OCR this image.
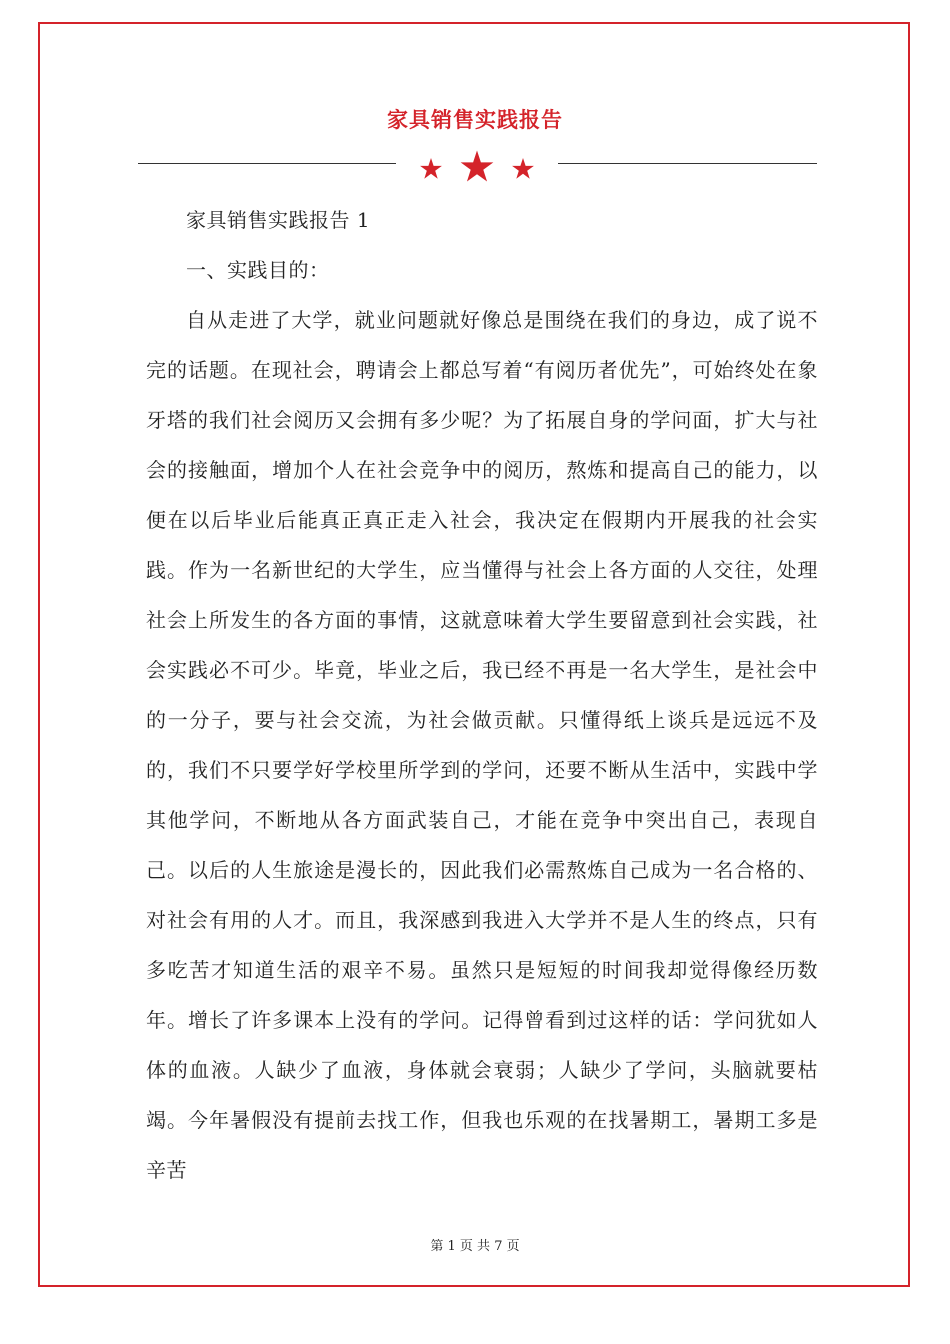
家具销售实践报告

家具销售实践报告 1

一、实践目的：

自从走进了大学，就业问题就好像总是围绕在我们的身边，成了说不完的话题。在现社会，聘请会上都总写着“有阅历者优先”，可始终处在象牙塔的我们社会阅历又会拥有多少呢？为了拓展自身的学问面，扩大与社会的接触面，增加个人在社会竞争中的阅历，熬炼和提高自己的能力，以便在以后毕业后能真正真正走入社会，我决定在假期内开展我的社会实践。作为一名新世纪的大学生，应当懂得与社会上各方面的人交往，处理社会上所发生的各方面的事情，这就意味着大学生要留意到社会实践，社会实践必不可少。毕竟，毕业之后，我已经不再是一名大学生，是社会中的一分子，要与社会交流，为社会做贡献。只懂得纸上谈兵是远远不及的，我们不只要学好学校里所学到的学问，还要不断从生活中，实践中学其他学问，不断地从各方面武装自己，才能在竞争中突出自己，表现自己。以后的人生旅途是漫长的，因此我们必需熬炼自己成为一名合格的、对社会有用的人才。而且，我深感到我进入大学并不是人生的终点，只有多吃苦才知道生活的艰辛不易。虽然只是短短的时间我却觉得像经历数年。增长了许多课本上没有的学问。记得曾看到过这样的话：学问犹如人体的血液。人缺少了血液，身体就会衰弱；人缺少了学问，头脑就要枯竭。今年暑假没有提前去找工作，但我也乐观的在找暑期工，暑期工多是辛苦

第 1 页 共 7 页
